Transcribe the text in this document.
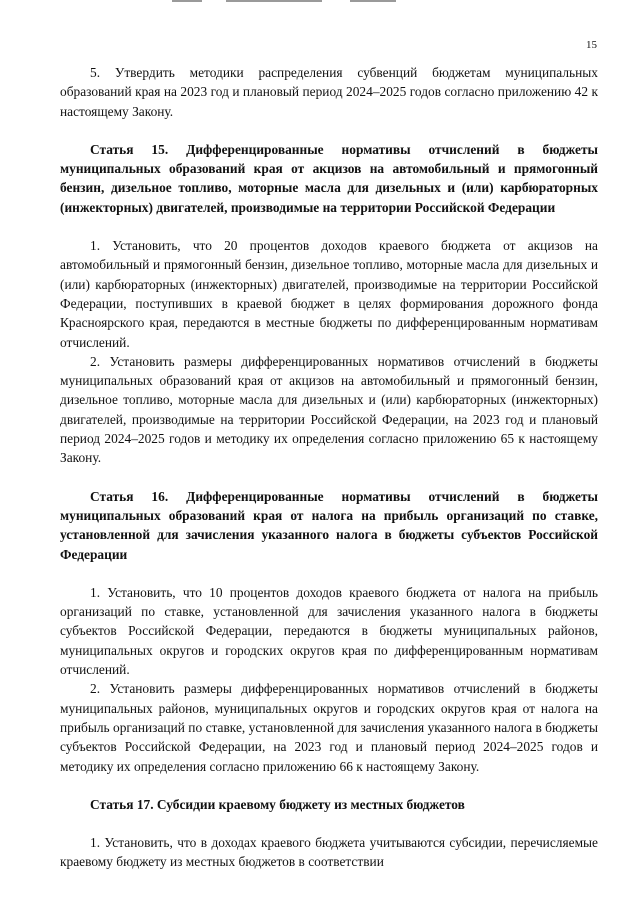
15

5. Утвердить методики распределения субвенций бюджетам муниципальных образований края на 2023 год и плановый период 2024–2025 годов согласно приложению 42 к настоящему Закону.

Статья 15. Дифференцированные нормативы отчислений в бюджеты муниципальных образований края от акцизов на автомобильный и прямогонный бензин, дизельное топливо, моторные масла для дизельных и (или) карбюраторных (инжекторных) двигателей, производимые на территории Российской Федерации

1. Установить, что 20 процентов доходов краевого бюджета от акцизов на автомобильный и прямогонный бензин, дизельное топливо, моторные масла для дизельных и (или) карбюраторных (инжекторных) двигателей, производимые на территории Российской Федерации, поступивших в краевой бюджет в целях формирования дорожного фонда Красноярского края, передаются в местные бюджеты по дифференцированным нормативам отчислений.

2. Установить размеры дифференцированных нормативов отчислений в бюджеты муниципальных образований края от акцизов на автомобильный и прямогонный бензин, дизельное топливо, моторные масла для дизельных и (или) карбюраторных (инжекторных) двигателей, производимые на территории Российской Федерации, на 2023 год и плановый период 2024–2025 годов и методику их определения согласно приложению 65 к настоящему Закону.

Статья 16. Дифференцированные нормативы отчислений в бюджеты муниципальных образований края от налога на прибыль организаций по ставке, установленной для зачисления указанного налога в бюджеты субъектов Российской Федерации

1. Установить, что 10 процентов доходов краевого бюджета от налога на прибыль организаций по ставке, установленной для зачисления указанного налога в бюджеты субъектов Российской Федерации, передаются в бюджеты муниципальных районов, муниципальных округов и городских округов края по дифференцированным нормативам отчислений.

2. Установить размеры дифференцированных нормативов отчислений в бюджеты муниципальных районов, муниципальных округов и городских округов края от налога на прибыль организаций по ставке, установленной для зачисления указанного налога в бюджеты субъектов Российской Федерации, на 2023 год и плановый период 2024–2025 годов и методику их определения согласно приложению 66 к настоящему Закону.

Статья 17. Субсидии краевому бюджету из местных бюджетов

1. Установить, что в доходах краевого бюджета учитываются субсидии, перечисляемые краевому бюджету из местных бюджетов в соответствии
